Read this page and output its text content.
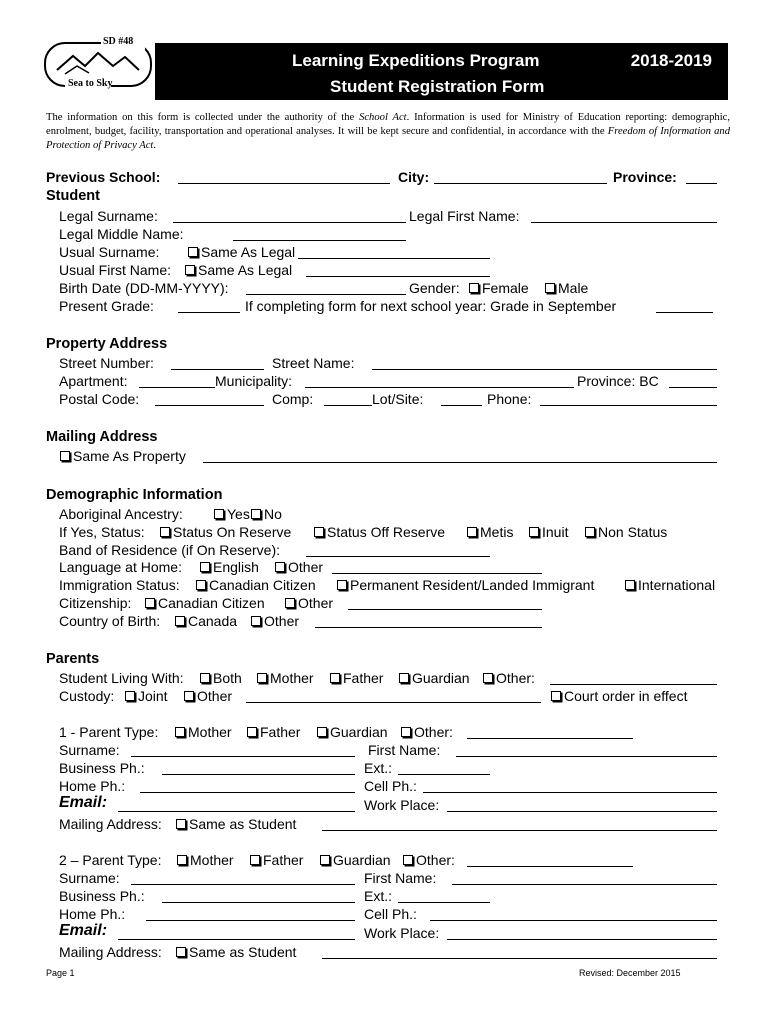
SD #48
Sea to Sky
Learning Expeditions Program	2018-2019
Student Registration Form
The information on this form is collected under the authority of the School Act. Information is used for Ministry of Education reporting: demographic, enrolment, budget, facility, transportation and operational analyses. It will be kept secure and confidential, in accordance with the Freedom of Information and Protection of Privacy Act.
Previous School:	City:	Province:
Student
Legal Surname:	Legal First Name:
Legal Middle Name:
Usual Surname:	Same As Legal
Usual First Name:	Same As Legal
Birth Date (DD-MM-YYYY):	Gender:	Female	Male
Present Grade:	If completing form for next school year: Grade in September
Property Address
Street Number:	Street Name:
Apartment:	Municipality:	Province: BC
Postal Code:	Comp:	Lot/Site:	Phone:
Mailing Address
Same As Property
Demographic Information
Aboriginal Ancestry:	Yes	No
If Yes, Status:	Status On Reserve	Status Off Reserve	Metis	Inuit	Non Status
Band of Residence (if On Reserve):
Language at Home:	English	Other
Immigration Status:	Canadian Citizen	Permanent Resident/Landed Immigrant	International
Citizenship:	Canadian Citizen	Other
Country of Birth:	Canada	Other
Parents
Student Living With:	Both	Mother	Father	Guardian	Other:
Custody:	Joint	Other	Court order in effect
1 - Parent Type:	Mother	Father	Guardian	Other:
Surname:	First Name:
Business Ph.:	Ext.:
Home Ph.:	Cell Ph.:
Email:	Work Place:
Mailing Address:	Same as Student
2 – Parent Type:	Mother	Father	Guardian	Other:
Surname:	First Name:
Business Ph.:	Ext.:
Home Ph.:	Cell Ph.:
Email:	Work Place:
Mailing Address:	Same as Student
Page 1	Revised: December 2015
